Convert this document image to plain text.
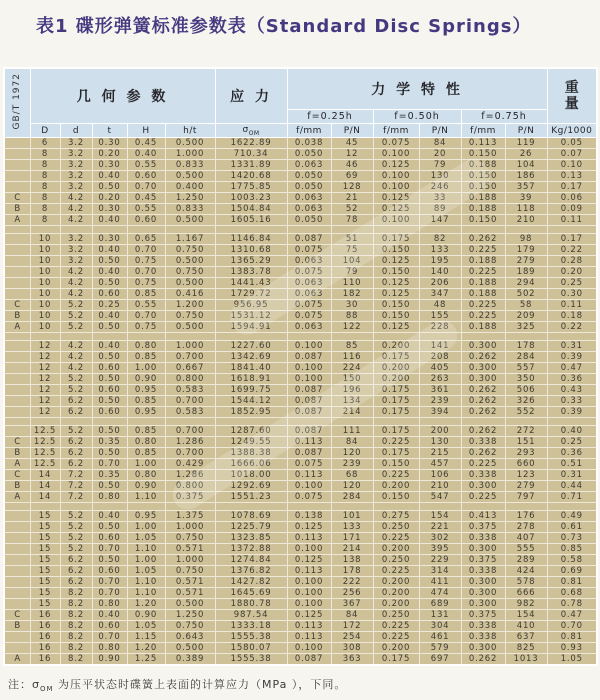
表1 碟形弹簧标准参数表（Standard Disc Springs）
GB/T 1972	几 何 参 数					应 力	力 学 特 性						重
量
							f=0.25h		f=0.50h		f=0.75h		
	D	d	t	H	h/t	$\sigma_{OM}$	f/mm	P/N	f/mm	P/N	f/mm	P/N	Kg/1000
	6	3.2	0.30	0.45	0.500	1622.89	0.038	45	0.075	84	0.113	119	0.05
	8	3.2	0.20	0.40	1.000	710.34	0.050	12	0.100	20	0.150	26	0.07
	8	3.2	0.30	0.55	0.833	1331.89	0.063	46	0.125	79	0.188	104	0.10
	8	3.2	0.40	0.60	0.500	1420.68	0.050	69	0.100	130	0.150	186	0.13
	8	3.2	0.50	0.70	0.400	1775.85	0.050	128	0.100	246	0.150	357	0.17
C	8	4.2	0.20	0.45	1.250	1003.23	0.063	21	0.125	33	0.188	39	0.06
B	8	4.2	0.30	0.55	0.833	1504.84	0.063	52	0.125	89	0.188	118	0.09
A	8	4.2	0.40	0.60	0.500	1605.16	0.050	78	0.100	147	0.150	210	0.11

	10	3.2	0.30	0.65	1.167	1146.84	0.087	51	0.175	82	0.262	98	0.17
	10	3.2	0.40	0.70	0.750	1310.68	0.075	75	0.150	133	0.225	179	0.22
	10	3.2	0.50	0.75	0.500	1365.29	0.063	104	0.125	195	0.188	279	0.28
	10	4.2	0.40	0.70	0.750	1383.78	0.075	79	0.150	140	0.225	189	0.20
	10	4.2	0.50	0.75	0.500	1441.43	0.063	110	0.125	206	0.188	294	0.25
	10	4.2	0.60	0.85	0.416	1729.72	0.063	182	0.125	347	0.188	502	0.30
C	10	5.2	0.25	0.55	1.200	956.95	0.075	30	0.150	48	0.225	58	0.11
B	10	5.2	0.40	0.70	0.750	1531.12	0.075	88	0.150	155	0.225	209	0.18
A	10	5.2	0.50	0.75	0.500	1594.91	0.063	122	0.125	228	0.188	325	0.22

	12	4.2	0.40	0.80	1.000	1227.60	0.100	85	0.200	141	0.300	178	0.31
	12	4.2	0.50	0.85	0.700	1342.69	0.087	116	0.175	208	0.262	284	0.39
	12	4.2	0.60	1.00	0.667	1841.40	0.100	224	0.200	405	0.300	557	0.47
	12	5.2	0.50	0.90	0.800	1618.91	0.100	150	0.200	263	0.300	350	0.36
	12	5.2	0.60	0.95	0.583	1699.75	0.087	196	0.175	361	0.262	506	0.43
	12	6.2	0.50	0.85	0.700	1544.12	0.087	134	0.175	239	0.262	326	0.33
	12	6.2	0.60	0.95	0.583	1852.95	0.087	214	0.175	394	0.262	552	0.39

	12.5	5.2	0.50	0.85	0.700	1287.60	0.087	111	0.175	200	0.262	272	0.40
C	12.5	6.2	0.35	0.80	1.286	1249.55	0.113	84	0.225	130	0.338	151	0.25
B	12.5	6.2	0.50	0.85	0.700	1388.38	0.087	120	0.175	215	0.262	293	0.36
A	12.5	6.2	0.70	1.00	0.429	1666.06	0.075	239	0.150	457	0.225	660	0.51
C	14	7.2	0.35	0.80	1.286	1018.00	0.113	68	0.225	106	0.338	123	0.31
B	14	7.2	0.50	0.90	0.800	1292.69	0.100	120	0.200	210	0.300	279	0.44
A	14	7.2	0.80	1.10	0.375	1551.23	0.075	284	0.150	547	0.225	797	0.71

	15	5.2	0.40	0.95	1.375	1078.69	0.138	101	0.275	154	0.413	176	0.49
	15	5.2	0.50	1.00	1.000	1225.79	0.125	133	0.250	221	0.375	278	0.61
	15	5.2	0.60	1.05	0.750	1323.85	0.113	171	0.225	302	0.338	407	0.73
	15	5.2	0.70	1.10	0.571	1372.88	0.100	214	0.200	395	0.300	555	0.85
	15	6.2	0.50	1.00	1.000	1274.84	0.125	138	0.250	229	0.375	289	0.58
	15	6.2	0.60	1.05	0.750	1376.82	0.113	178	0.225	314	0.338	424	0.69
	15	6.2	0.70	1.10	0.571	1427.82	0.100	222	0.200	411	0.300	578	0.81
	15	8.2	0.70	1.10	0.571	1645.69	0.100	256	0.200	474	0.300	666	0.68
	15	8.2	0.80	1.20	0.500	1880.78	0.100	367	0.200	689	0.300	982	0.78
C	16	8.2	0.40	0.90	1.250	987.54	0.125	84	0.250	131	0.375	154	0.47
B	16	8.2	0.60	1.05	0.750	1333.18	0.113	172	0.225	304	0.338	410	0.70
	16	8.2	0.70	1.15	0.643	1555.38	0.113	254	0.225	461	0.338	637	0.81
	16	8.2	0.80	1.20	0.500	1580.07	0.100	308	0.200	579	0.300	825	0.93
A	16	8.2	0.90	1.25	0.389	1555.38	0.087	363	0.175	697	0.262	1013	1.05
注：$\sigma_{OM}$ 为压平状态时碟簧上表面的计算应力（MPa ），下同。
